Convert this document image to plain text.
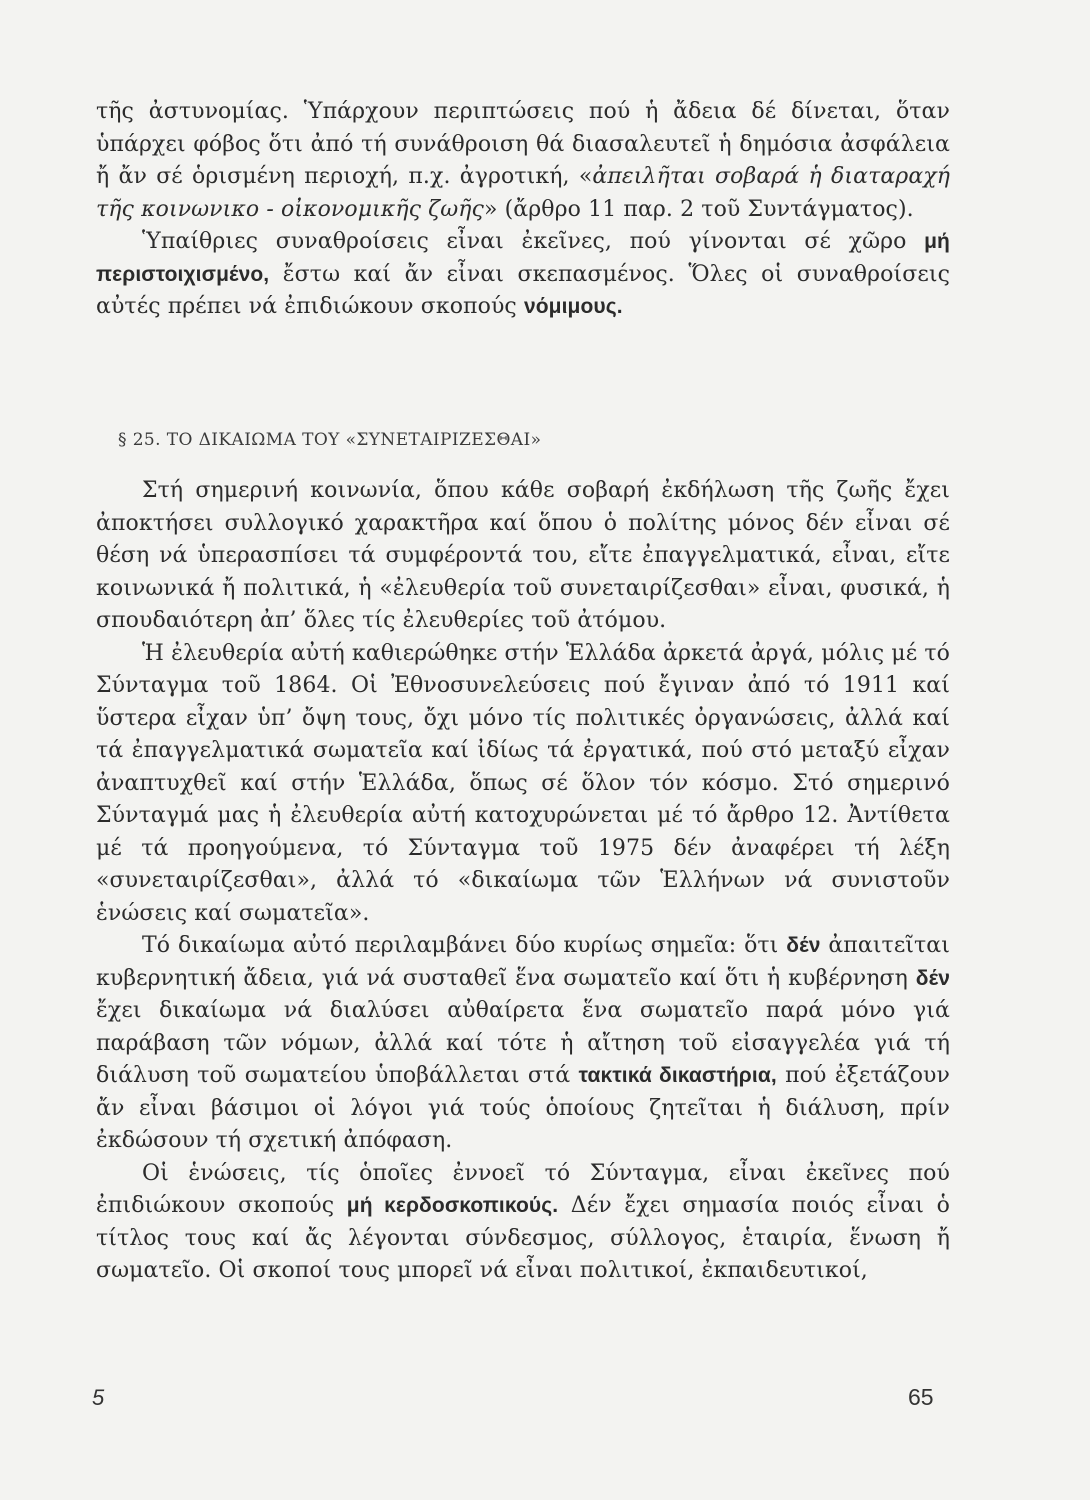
τῆς ἀστυνομίας. Ὑπάρχουν περιπτώσεις πού ἡ ἄδεια δέ δίνεται, ὅταν ὑπάρχει φόβος ὅτι ἀπό τή συνάθροιση θά διασαλευτεῖ ἡ δημόσια ἀσφάλεια ἤ ἄν σέ ὁρισμένη περιοχή, π.χ. ἀγροτική, «ἀπειλῆται σοβαρά ἡ διαταραχή τῆς κοινωνικο - οἰκονομικῆς ζωῆς» (ἄρθρο 11 παρ. 2 τοῦ Συντάγματος).

Ὑπαίθριες συναθροίσεις εἶναι ἐκεῖνες, πού γίνονται σέ χῶρο μή περιστοιχισμένο, ἔστω καί ἄν εἶναι σκεπασμένος. Ὅλες οἱ συναθροίσεις αὐτές πρέπει νά ἐπιδιώκουν σκοπούς νόμιμους.

§ 25. ΤΟ ΔΙΚΑΙΩΜΑ ΤΟΥ «ΣΥΝΕΤΑΙΡΙΖΕΣΘΑΙ»

Στή σημερινή κοινωνία, ὅπου κάθε σοβαρή ἐκδήλωση τῆς ζωῆς ἔχει ἀποκτήσει συλλογικό χαρακτῆρα καί ὅπου ὁ πολίτης μόνος δέν εἶναι σέ θέση νά ὑπερασπίσει τά συμφέροντά του, εἴτε ἐπαγγελματικά, εἶναι, εἴτε κοινωνικά ἤ πολιτικά, ἡ «ἐλευθερία τοῦ συνεταιρίζεσθαι» εἶναι, φυσικά, ἡ σπουδαιότερη ἀπ’ ὅλες τίς ἐλευθερίες τοῦ ἀτόμου.

Ἡ ἐλευθερία αὐτή καθιερώθηκε στήν Ἑλλάδα ἀρκετά ἀργά, μόλις μέ τό Σύνταγμα τοῦ 1864. Οἱ Ἐθνοσυνελεύσεις πού ἔγιναν ἀπό τό 1911 καί ὕστερα εἶχαν ὑπ’ ὄψη τους, ὄχι μόνο τίς πολιτικές ὀργανώσεις, ἀλλά καί τά ἐπαγγελματικά σωματεῖα καί ἰδίως τά ἐργατικά, πού στό μεταξύ εἶχαν ἀναπτυχθεῖ καί στήν Ἑλλάδα, ὅπως σέ ὅλον τόν κόσμο. Στό σημερινό Σύνταγμά μας ἡ ἐλευθερία αὐτή κατοχυρώνεται μέ τό ἄρθρο 12. Ἀντίθετα μέ τά προηγούμενα, τό Σύνταγμα τοῦ 1975 δέν ἀναφέρει τή λέξη «συνεταιρίζεσθαι», ἀλλά τό «δικαίωμα τῶν Ἑλλήνων νά συνιστοῦν ἑνώσεις καί σωματεῖα».

Τό δικαίωμα αὐτό περιλαμβάνει δύο κυρίως σημεῖα: ὅτι δέν ἀπαιτεῖται κυβερνητική ἄδεια, γιά νά συσταθεῖ ἕνα σωματεῖο καί ὅτι ἡ κυβέρνηση δέν ἔχει δικαίωμα νά διαλύσει αὐθαίρετα ἕνα σωματεῖο παρά μόνο γιά παράβαση τῶν νόμων, ἀλλά καί τότε ἡ αἴτηση τοῦ εἰσαγγελέα γιά τή διάλυση τοῦ σωματείου ὑποβάλλεται στά τακτικά δικαστήρια, πού ἐξετάζουν ἄν εἶναι βάσιμοι οἱ λόγοι γιά τούς ὁποίους ζητεῖται ἡ διάλυση, πρίν ἐκδώσουν τή σχετική ἀπόφαση.

Οἱ ἑνώσεις, τίς ὁποῖες ἐννοεῖ τό Σύνταγμα, εἶναι ἐκεῖνες πού ἐπιδιώκουν σκοπούς μή κερδοσκοπικούς. Δέν ἔχει σημασία ποιός εἶναι ὁ τίτλος τους καί ἄς λέγονται σύνδεσμος, σύλλογος, ἑταιρία, ἕνωση ἤ σωματεῖο. Οἱ σκοποί τους μπορεῖ νά εἶναι πολιτικοί, ἐκπαιδευτικοί,

5	65
